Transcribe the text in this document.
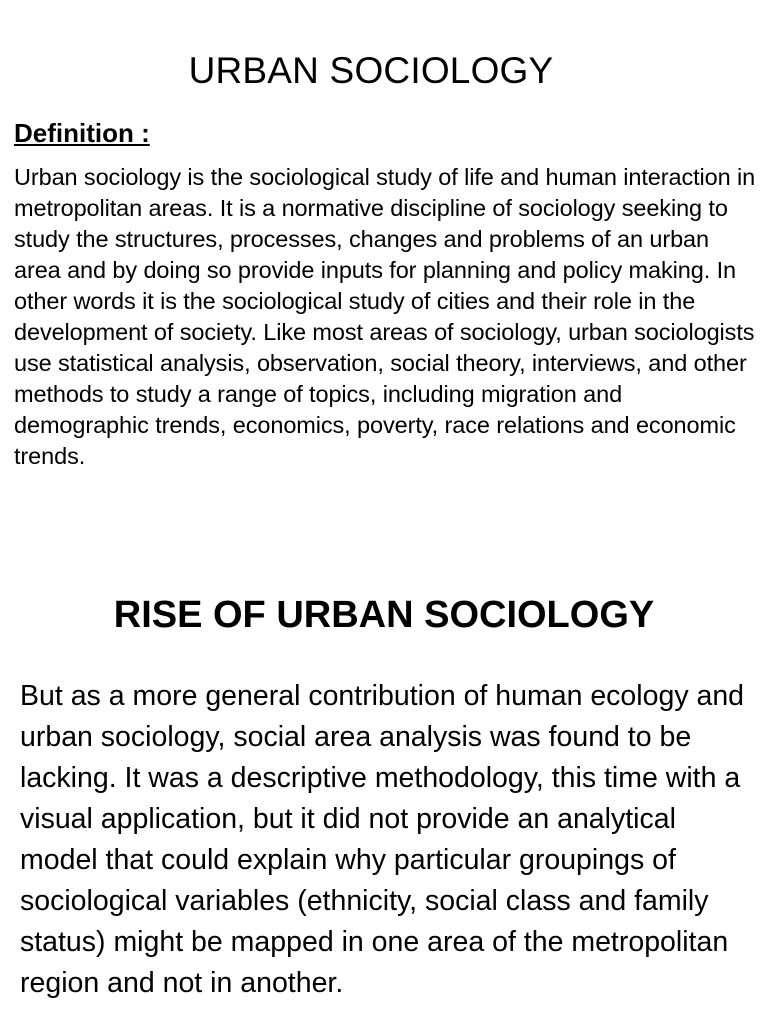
URBAN SOCIOLOGY
Definition :

Urban sociology is the sociological study of life and human interaction in metropolitan areas. It is a normative discipline of sociology seeking to study the structures, processes, changes and problems of an urban area and by doing so provide inputs for planning and policy making. In other words it is the sociological study of cities and their role in the development of society. Like most areas of sociology, urban sociologists use statistical analysis, observation, social theory, interviews, and other methods to study a range of topics, including migration and demographic trends, economics, poverty, race relations and economic trends.

RISE OF URBAN SOCIOLOGY

But as a more general contribution of human ecology and urban sociology, social area analysis was found to be lacking. It was a descriptive methodology, this time with a visual application, but it did not provide an analytical model that could explain why particular groupings of sociological variables (ethnicity, social class and family status) might be mapped in one area of the metropolitan region and not in another.
